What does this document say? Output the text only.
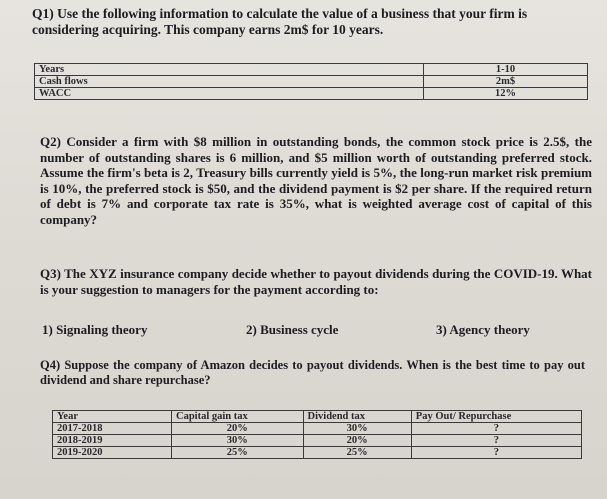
Q1) Use the following information to calculate the value of a business that your firm is considering acquiring. This company earns 2m$ for 10 years.
Years	1-10
Cash flows	2m$
WACC	12%
Q2) Consider a firm with $8 million in outstanding bonds, the common stock price is 2.5$, the number of outstanding shares is 6 million, and $5 million worth of outstanding preferred stock. Assume the firm's beta is 2, Treasury bills currently yield is 5%, the long-run market risk premium is 10%, the preferred stock is $50, and the dividend payment is $2 per share. If the required return of debt is 7% and corporate tax rate is 35%, what is weighted average cost of capital of this company?
Q3) The XYZ insurance company decide whether to payout dividends during the COVID-19. What is your suggestion to managers for the payment according to:
1) Signaling theory	2) Business cycle	3) Agency theory
Q4) Suppose the company of Amazon decides to payout dividends. When is the best time to pay out dividend and share repurchase?
Year	Capital gain tax	Dividend tax	Pay Out/ Repurchase
2017-2018	20%	30%	?
2018-2019	30%	20%	?
2019-2020	25%	25%	?
